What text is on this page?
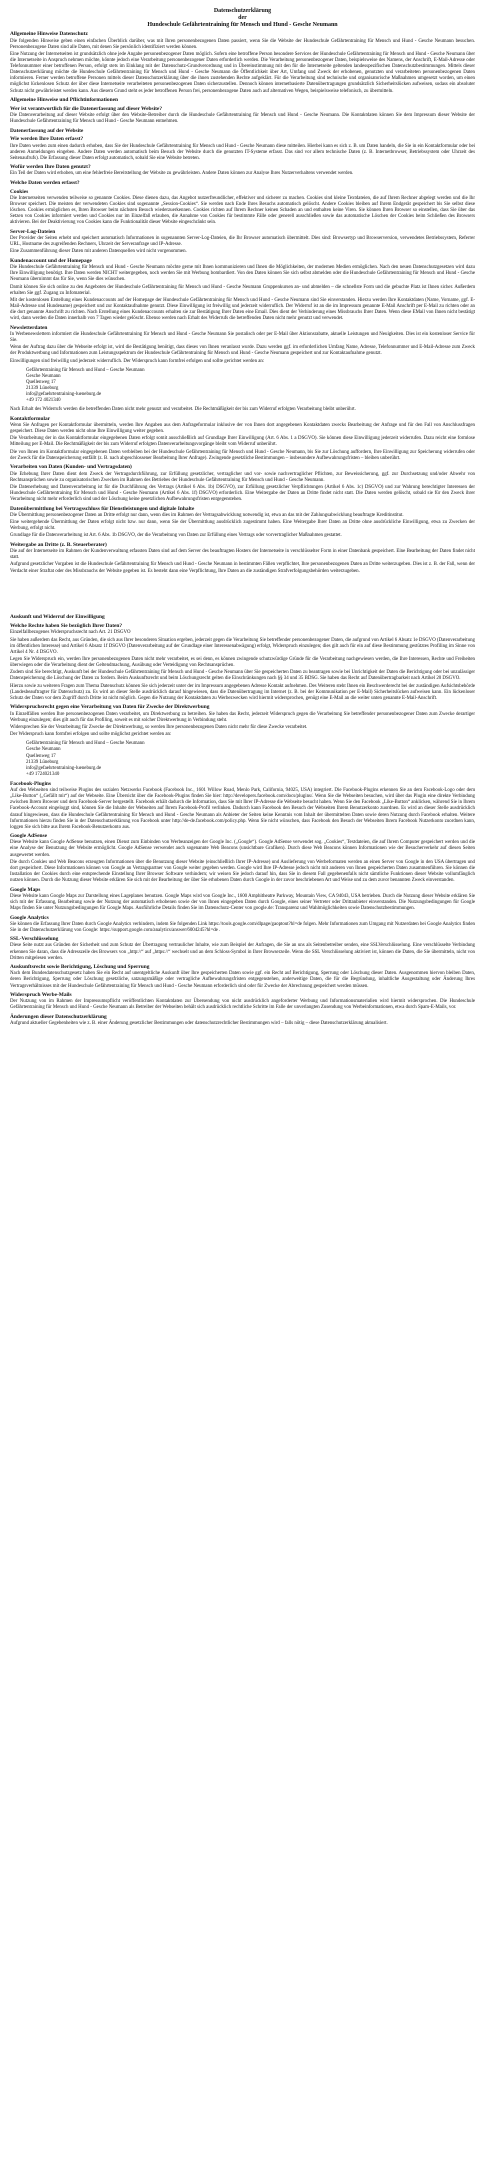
Datenschutzerklärung
der
Hundeschule Gefährtentraining für Mensch und Hund - Gesche Neumann
Allgemeine Hinweise Datenschutz

Die folgenden Hinweise geben einen einfachen Überblick darüber, was mit Ihren personenbezogenen Daten passiert, wenn Sie die Website der Hundeschule Gefährtentraining für Mensch und Hund - Gesche Neumann besuchen. Personenbezogene Daten sind alle Daten, mit denen Sie persönlich identifiziert werden können.

Eine Nutzung der Internetseiten ist grundsätzlich ohne jede Angabe personenbezogener Daten möglich. Sofern eine betroffene Person besondere Services der Hundeschule Gefährtentraining für Mensch und Hund - Gesche Neumann über die Internetseite in Anspruch nehmen möchte, könnte jedoch eine Verarbeitung personenbezogener Daten erforderlich werden. Die Verarbeitung personenbezogener Daten, beispielsweise des Namens, der Anschrift, E-Mail-Adresse oder Telefonnummer einer betroffenen Person, erfolgt stets im Einklang mit der Datenschutz-Grundverordnung und in Übereinstimmung mit den für die Internetseite geltenden landesspezifischen Datenschutzbestimmungen. Mittels dieser Datenschutzerklärung möchte die Hundeschule Gefährtentraining für Mensch und Hund - Gesche Neumann die Öffentlichkeit über Art, Umfang und Zweck der erhobenen, genutzten und verarbeiteten personenbezogenen Daten informieren. Ferner werden betroffene Personen mittels dieser Datenschutzerklärung über die ihnen zustehenden Rechte aufgeklärt. Für die Verarbeitung sind technische und organisatorische Maßnahmen umgesetzt worden, um einen möglichst lückenlosen Schutz der über diese Internetseite verarbeiteten personenbezogenen Daten sicherzustellen. Dennoch können internetbasierte Datenübertragungen grundsätzlich Sicherheitslücken aufweisen, sodass ein absoluter Schutz nicht gewährleistet werden kann. Aus diesem Grund steht es jeder betroffenen Person frei, personenbezogene Daten auch auf alternativen Wegen, beispielsweise telefonisch, zu übermitteln.

Allgemeine Hinweise und Pflichtinformationen
Wer ist verantwortlich für die Datenerfassung auf dieser Website?

Die Datenverarbeitung auf dieser Website erfolgt über den Website-Betreiber durch die Hundeschule Gefährtentraining für Mensch und Hund - Gesche Neumann. Die Kontaktdaten können Sie dem Impressum dieser Website der Hundeschule Gefährtentraining für Mensch und Hund - Gesche Neumann entnehmen.

Datenerfassung auf der Website
Wie werden Ihre Daten erfasst?

Ihre Daten werden zum einen dadurch erhoben, dass Sie der Hundeschule Gefährtentraining für Mensch und Hund - Gesche Neumann diese mitteilen. Hierbei kann es sich z. B. um Daten handeln, die Sie in ein Kontaktformular oder bei anderen Anmeldungen eingeben. Andere Daten werden automatisch beim Besuch der Website durch die genutzten IT-Systeme erfasst. Das sind vor allem technische Daten (z. B. Internetbrowser, Betriebssystem oder Uhrzeit des Seitenaufrufs). Die Erfassung dieser Daten erfolgt automatisch, sobald Sie eine Website betreten.

Wofür werden Ihre Daten genutzt?

Ein Teil der Daten wird erhoben, um eine fehlerfreie Bereitstellung der Website zu gewährleisten. Andere Daten können zur Analyse Ihres Nutzerverhaltens verwendet werden.

Welche Daten werden erfasst?
Cookies

Die Internetseiten verwenden teilweise so genannte Cookies. Diese dienen dazu, das Angebot nutzerfreundlicher, effektiver und sicherer zu machen. Cookies sind kleine Textdateien, die auf Ihrem Rechner abgelegt werden und die Ihr Browser speichert. Die meisten der verwendeten Cookies sind sogenannte „Session-Cookies“. Sie werden nach Ende Ihres Besuchs automatisch gelöscht. Andere Cookies bleiben auf Ihrem Endgerät gespeichert bis Sie selbst diese löschen. Cookies ermöglichen es, Ihren Browser beim nächsten Besuch wiederzuerkennen. Cookies richten auf Ihrem Rechner keinen Schaden an und enthalten keine Viren. Sie können Ihren Browser so einstellen, dass Sie über das Setzen von Cookies informiert werden und Cookies nur im Einzelfall erlauben, die Annahme von Cookies für bestimmte Fälle oder generell ausschließen sowie das automatische Löschen der Cookies beim Schließen des Browsers aktivieren. Bei der Deaktivierung von Cookies kann die Funktionalität dieser Website eingeschränkt sein.

Server-Log-Dateien

Der Provider der Seiten erhebt und speichert automatisch Informationen in sogenannten Server-Log-Dateien, die Ihr Browser automatisch übermittelt. Dies sind: Browsertyp und Browserversion, verwendetes Betriebssystem, Referrer URL, Hostname des zugreifenden Rechners, Uhrzeit der Serveranfrage und IP-Adresse.

Eine Zusammenführung dieser Daten mit anderen Datenquellen wird nicht vorgenommen.

Kundenaccount und der Homepage

Die Hundeschule Gefährtentraining für Mensch und Hund - Gesche Neumann möchte gerne mit Ihnen kommunizieren und Ihnen die Möglichkeiten, der modernen Medien ermöglichen. Nach den neuen Datenschutzgesetzen wird dazu Ihre Einwilligung benötigt. Ihre Daten werden NICHT weitergegeben, noch werden Sie mit Werbung bombardiert. Von den Daten können Sie sich selbst abmelden oder die Hundeschule Gefährtentraining für Mensch und Hund - Gesche Neumann übernimmt das für Sie, wenn Sie dies wünschen.

Damit können Sie sich online zu den Angeboten der Hundeschule Gefährtentraining für Mensch und Hund - Gesche Neumann Gruppenkursen an- und abmelden – die schnellste Form und die gebuchte Platz ist Ihnen sicher. Außerdem erhalten Sie ggf. Zugang zu Infomaterial.

Mit der kostenlosen Erstellung eines Kundenaccounts auf der Homepage der Hundeschule Gefährtentraining für Mensch und Hund - Gesche Neumann sind Sie einverstanden. Hierzu werden Ihre Kontaktdaten (Name, Vorname, ggf. E-Mail-Adresse und Hundename) gespeichert und zur Kontaktaufnahme genutzt. Diese Einwilligung ist freiwillig und jederzeit widerruflich. Der Widerruf ist an die im Impressum genannte E-Mail Anschrift per E-Mail zu richten oder an die dort genannte Anschrift zu richten. Nach Erstellung eines Kundenaccounts erhalten sie zur Bestätigung Ihrer Daten eine Email. Dies dient der Verhinderung eines Missbrauchs Ihrer Daten. Wenn diese EMail von Ihnen nicht bestätigt wird, dann werden die Daten innerhalb von 7 Tagen wieder gelöscht. Ebenso werden nach Erhalt des Widerrufs die betreffenden Daten nicht mehr genutzt und verwendet.

Newsletterdaten

In Werbenewslettern informiert die Hundeschule Gefährtentraining für Mensch und Hund - Gesche Neumann Sie postalisch oder per E-Mail über Aktionsrabatte, aktuelle Leistungen und Neuigkeiten. Dies ist ein kostenloser Service für Sie.

Wenn der Auftrag dazu über die Webseite erfolgt ist, wird die Bestätigung benötigt, dass dieses von Ihnen veranlasst wurde. Dazu werden ggf. im erforderlichen Umfang Name, Adresse, Telefonnummer und E-Mail-Adresse zum Zweck der Produktwerbung und Informationen zum Leistungsspektrum der Hundeschule Gefährtentraining für Mensch und Hund - Gesche Neumann gespeichert und zur Kontaktaufnahme genutzt.

Einwilligungen sind freiwillig und jederzeit widerruflich. Der Widerspruch kann formfrei erfolgen und sollte gerichtet werden an:

Gefährtentraining für Mensch und Hund – Gesche Neumann
Gesche Neumann
Quellenweg 17
21339 Lüneburg
info@gefaehrtentraining-lueneburg.de
+49 172 4021340

Nach Erhalt des Widerrufs werden die betreffenden Daten nicht mehr genutzt und verarbeitet. Die Rechtmäßigkeit der bis zum Widerruf erfolgten Verarbeitung bleibt unberührt.

Kontaktformular

Wenn Sie Anfragen per Kontaktformular übermitteln, werden Ihre Angaben aus dem Anfrageformular inklusive der von Ihnen dort angegebenen Kontaktdaten zwecks Bearbeitung der Anfrage und für den Fall von Anschlussfragen gespeichert. Diese Daten werden nicht ohne Ihre Einwilligung weiter gegeben.

Die Verarbeitung der in das Kontaktformular eingegebenen Daten erfolgt somit ausschließlich auf Grundlage Ihrer Einwilligung (Art. 6 Abs. 1 a DSGVO). Sie können diese Einwilligung jederzeit widerrufen. Dazu reicht eine formlose Mitteilung per E-Mail. Die Rechtmäßigkeit der bis zum Widerruf erfolgten Datenverarbeitungsvorgänge bleibt vom Widerruf unberührt.

Die von Ihnen im Kontaktformular eingegebenen Daten verbleiben bei der Hundeschule Gefährtentraining für Mensch und Hund - Gesche Neumann, bis Sie zur Löschung auffordern, Ihre Einwilligung zur Speicherung widerrufen oder der Zweck für die Datenspeicherung entfällt (z. B. nach abgeschlossener Bearbeitung Ihrer Anfrage). Zwingende gesetzliche Bestimmungen – insbesondere Aufbewahrungsfristen – bleiben unberührt.

Verarbeiten von Daten (Kunden- und Vertragsdaten)

Die Erhebung Ihrer Daten dient dem Zweck der Vertragsdurchführung, zur Erfüllung gesetzlicher, vertraglicher und vor- sowie nachvertraglicher Pflichten, zur Beweissicherung, ggf. zur Durchsetzung und/oder Abwehr von Rechtsansprüchen sowie zu organisatorischen Zwecken im Rahmen des Betriebes der Hundeschule Gefährtentraining für Mensch und Hund - Gesche Neumann.

Die Datenerhebung und Datenverarbeitung ist für die Durchführung des Vertrags (Artikel 6 Abs. 1b) DSGVO), zur Erfüllung gesetzlicher Verpflichtungen (Artikel 6 Abs. 1c) DSGVO) und zur Wahrung berechtigter Interessen der Hundeschule Gefährtentraining für Mensch und Hund - Gesche Neumann (Artikel 6 Abs. 1f) DSGVO) erforderlich. Eine Weitergabe der Daten an Dritte findet nicht statt. Die Daten werden gelöscht, sobald sie für den Zweck ihrer Verarbeitung nicht mehr erforderlich sind und der Löschung keine gesetzlichen Aufbewahrungsfristen entgegenstehen.

Datenübermittlung bei Vertragsschluss für Dienstleistungen und digitale Inhalte

Die Übermittlung personenbezogener Daten an Dritte erfolgt nur dann, wenn dies im Rahmen der Vertragsabwicklung notwendig ist, etwa an das mit der Zahlungsabwicklung beauftragte Kreditinstitut.

Eine weitergehende Übermittlung der Daten erfolgt nicht bzw. nur dann, wenn Sie der Übermittlung ausdrücklich zugestimmt haben. Eine Weitergabe Ihrer Daten an Dritte ohne ausdrückliche Einwilligung, etwa zu Zwecken der Werbung, erfolgt nicht.

Grundlage für die Datenverarbeitung ist Art. 6 Abs. 1b DSGVO, der die Verarbeitung von Daten zur Erfüllung eines Vertrags oder vorvertraglicher Maßnahmen gestattet.

Weitergabe an Dritte (z. B. Steuerberater)

Die auf der Internetseite im Rahmen der Kundenverwaltung erfassten Daten sind auf dem Server des beauftragten Hosters der Internetseite in verschlüsselter Form in einer Datenbank gespeichert. Eine Bearbeitung der Daten findet nicht statt.

Aufgrund gesetzlicher Vorgaben ist die Hundeschule Gefährtentraining für Mensch und Hund - Gesche Neumann in bestimmten Fällen verpflichtet, Ihre personenbezogenen Daten an Dritte weiterzugeben. Dies ist z. B. der Fall, wenn der Verdacht einer Straftat oder des Missbrauchs der Website gegeben ist. Es besteht dann eine Verpflichtung, Ihre Daten an die zuständigen Strafverfolgungsbehörden weiterzugeben.

Auskunft und Widerruf der Einwilligung
Welche Rechte haben Sie bezüglich Ihrer Daten?

Einzelfallbezogenes Widerspruchsrecht nach Art. 21 DSGVO

Sie haben außerdem das Recht, aus Gründen, die sich aus Ihrer besonderen Situation ergeben, jederzeit gegen die Verarbeitung Sie betreffender personenbezogener Daten, die aufgrund von Artikel 6 Absatz 1e DSGVO (Datenverarbeitung im öffentlichen Interesse) und Artikel 6 Absatz 1f DSGVO (Datenverarbeitung auf der Grundlage einer Interessenabwägung) erfolgt, Widerspruch einzulegen; dies gilt auch für ein auf diese Bestimmung gestütztes Profiling im Sinne von Artikel 4 Nr. 4 DSGVO.

Legen Sie Widerspruch ein, werden Ihre personenbezogenen Daten nicht mehr verarbeitet, es sei denn, es können zwingende schutzwürdige Gründe für die Verarbeitung nachgewiesen werden, die Ihre Interessen, Rechte und Freiheiten überwiegen oder die Verarbeitung dient der Geltendmachung, Ausübung oder Verteidigung von Rechtsansprüchen.

Zudem sind Sie berechtigt, Auskunft bei der Hundeschule Gefährtentraining für Mensch und Hund - Gesche Neumann über Sie gespeicherten Daten zu beantragen sowie bei Unrichtigkeit der Daten die Berichtigung oder bei unzulässiger Datenspeicherung die Löschung der Daten zu fordern. Beim Auskunftsrecht und beim Löschungsrecht gelten die Einschränkungen nach §§ 34 und 35 BDSG. Sie haben das Recht auf Datenübertragbarkeit nach Artikel 20 DSGVO.

Hierzu sowie zu weiteren Fragen zum Thema Datenschutz können Sie sich jederzeit unter der im Impressum angegebenen Adresse Kontakt aufnehmen. Des Weiteren steht Ihnen ein Beschwerderecht bei der zuständigen Aufsichtsbehörde (Landesbeauftragter für Datenschutz) zu. Es wird an dieser Stelle ausdrücklich darauf hingewiesen, dass die Datenübertragung im Internet (z. B. bei der Kommunikation per E-Mail) Sicherheitslücken aufweisen kann. Ein lückenloser Schutz der Daten vor dem Zugriff durch Dritte ist nicht möglich. Gegen die Nutzung der Kontaktdaten zu Werbezwecken wird hiermit widersprochen, genügt eine E-Mail an die weiter unten genannte E-Mail-Anschrift.

Widerspruchsrecht gegen eine Verarbeitung von Daten für Zwecke der Direktwerbung

In Einzelfällen werden Ihre personenbezogenen Daten verarbeitet, um Direktwerbung zu betreiben. Sie haben das Recht, jederzeit Widerspruch gegen die Verarbeitung Sie betreffender personenbezogener Daten zum Zwecke derartiger Werbung einzulegen; dies gilt auch für das Profiling, soweit es mit solcher Direktwerbung in Verbindung steht.

Widersprechen Sie der Verarbeitung für Zwecke der Direktwerbung, so werden Ihre personenbezogenen Daten nicht mehr für diese Zwecke verarbeitet.

Der Widerspruch kann formfrei erfolgen und sollte möglichst gerichtet werden an:

Gefährtentraining für Mensch und Hund – Gesche Neumann
Gesche Neumann
Quellenweg 17
21339 Lüneburg
info@gefaehrtentraining-lueneburg.de
+49 1724021340
Facebook-Plugins

Auf den Webseiten sind teilweise Plugins des sozialen Netzwerks Facebook (Facebook Inc., 1601 Willow Road, Menlo Park, California, 94025, USA) integriert. Die Facebook-Plugins erkennen Sie an dem Facebook-Logo oder dem „Like-Button“ („Gefällt mir“) auf der Webseite. Eine Übersicht über die Facebook-Plugins finden Sie hier: http://developers.facebook.com/docs/plugins/. Wenn Sie die Webseiten besuchen, wird über das Plugin eine direkte Verbindung zwischen Ihrem Browser und dem Facebook-Server hergestellt. Facebook erhält dadurch die Information, dass Sie mit Ihrer IP-Adresse die Webseite besucht haben. Wenn Sie den Facebook „Like-Button“ anklicken, während Sie in Ihrem Facebook-Account eingeloggt sind, können Sie die Inhalte der Webseiten auf Ihrem Facebook-Profil verlinken. Dadurch kann Facebook den Besuch der Webseiten Ihrem Benutzerkonto zuordnen. Es wird an dieser Stelle ausdrücklich darauf hingewiesen, dass die Hundeschule Gefährtentraining für Mensch und Hund - Gesche Neumann als Anbieter der Seiten keine Kenntnis vom Inhalt der übermittelten Daten sowie deren Nutzung durch Facebook erhalten. Weitere Informationen hierzu finden Sie in der Datenschutzerklärung von Facebook unter http://de-de.facebook.com/policy.php. Wenn Sie nicht wünschen, dass Facebook den Besuch der Webseiten Ihrem Facebook Nutzerkonto zuordnen kann, loggen Sie sich bitte aus Ihrem Facebook-Benutzerkonto aus.

Google AdSense

Diese Website kann Google AdSense benutzen, einen Dienst zum Einbinden von Werbeanzeigen der Google Inc. („Google“). Google AdSense verwendet sog. „Cookies“, Textdateien, die auf Ihrem Computer gespeichert werden und die eine Analyse der Benutzung der Website ermöglicht. Google AdSense verwendet auch sogenannte Web Beacons (unsichtbare Grafiken). Durch diese Web Beacons können Informationen wie der Besucherverkehr auf diesen Seiten ausgewertet werden.

Die durch Cookies und Web Beacons erzeugten Informationen über die Benutzung dieser Website (einschließlich Ihrer IP-Adresse) und Auslieferung von Werbeformaten werden an einen Server von Google in den USA übertragen und dort gespeichert. Diese Informationen können von Google an Vertragspartner von Google weiter gegeben werden. Google wird Ihre IP-Adresse jedoch nicht mit anderen von Ihnen gespeicherten Daten zusammenführen. Sie können die Installation der Cookies durch eine entsprechende Einstellung Ihrer Browser Software verhindern; wir weisen Sie jedoch darauf hin, dass Sie in diesem Fall gegebenenfalls nicht sämtliche Funktionen dieser Website vollumfänglich nutzen können. Durch die Nutzung dieser Website erklären Sie sich mit der Bearbeitung der über Sie erhobenen Daten durch Google in der zuvor beschriebenen Art und Weise und zu dem zuvor benannten Zweck einverstanden.

Google Maps

Diese Website kann Google Maps zur Darstellung eines Lageplanes benutzen. Google Maps wird von Google Inc., 1600 Amphitheatre Parkway, Mountain View, CA 94043, USA betrieben. Durch die Nutzung dieser Website erklären Sie sich mit der Erfassung, Bearbeitung sowie der Nutzung der automatisch erhobenen sowie der von Ihnen eingegeben Daten durch Google, eines seiner Vertreter oder Drittanbieter einverstanden. Die Nutzungsbedingungen für Google Maps finden Sie unter Nutzungsbedingungen für Google Maps. Ausführliche Details finden Sie im Datenschutz-Center von google.de: Transparenz und Wahlmöglichkeiten sowie Datenschutzbestimmungen.

Google Analytics

Sie können die Erfassung Ihrer Daten durch Google Analytics verhindern, indem Sie folgenden Link https://tools.google.com/dlpage/gaoptout?hl=de folgen. Mehr Informationen zum Umgang mit Nutzerdaten bei Google Analytics finden Sie in der Datenschutzerklärung von Google: https://support.google.com/analytics/answer/6004245?hl=de .

SSL-Verschlüsselung

Diese Seite nutzt aus Gründen der Sicherheit und zum Schutz der Übertragung vertraulicher Inhalte, wie zum Beispiel der Anfragen, die Sie an uns als Seitenbetreiber senden, eine SSLVerschlüsselung. Eine verschlüsselte Verbindung erkennen Sie daran, dass die Adresszeile des Browsers von „http://“ auf „https://“ wechselt und an dem Schloss-Symbol in Ihrer Browserzeile. Wenn die SSL Verschlüsselung aktiviert ist, können die Daten, die Sie übermitteln, nicht von Dritten mitgelesen werden.

Auskunftsrecht sowie Berichtigung, Löschung und Sperrung

Nach dem Bundesdatenschutzgesetz haben Sie ein Recht auf unentgeltliche Auskunft über Ihre gespeicherten Daten sowie ggf. ein Recht auf Berichtigung, Sperrung oder Löschung dieser Daten. Ausgenommen hiervon bleiben Daten, deren Berichtigung, Sperrung oder Löschung gesetzliche, satzungsmäßige oder vertragliche Aufbewahrungsfristen entgegenstehen, anderweitige Daten, die für die Begründung, inhaltliche Ausgestaltung oder Änderung Ihres Vertragsverhältnisses mit der Hundeschule Gefährtentraining für Mensch und Hund - Gesche Neumann erforderlich sind oder für Zwecke der Abrechnung gespeichert werden müssen.

Widerspruch Werbe-Mails

Der Nutzung von im Rahmen der Impressumspflicht veröffentlichten Kontaktdaten zur Übersendung von nicht ausdrücklich angeforderter Werbung und Informationsmaterialien wird hiermit widersprochen. Die Hundeschule Gefährtentraining für Mensch und Hund - Gesche Neumann als Betreiber der Webseiten behält sich ausdrücklich rechtliche Schritte im Falle der unverlangten Zusendung von Werbeinformationen, etwa durch Spam-E-Mails, vor.

Änderungen dieser Datenschutzerklärung

Aufgrund aktueller Gegebenheiten wie z. B. einer Änderung gesetzlicher Bestimmungen oder datenschutzrechtlicher Bestimmungen wird – falls nötig – diese Datenschutzerklärung aktualisiert.
